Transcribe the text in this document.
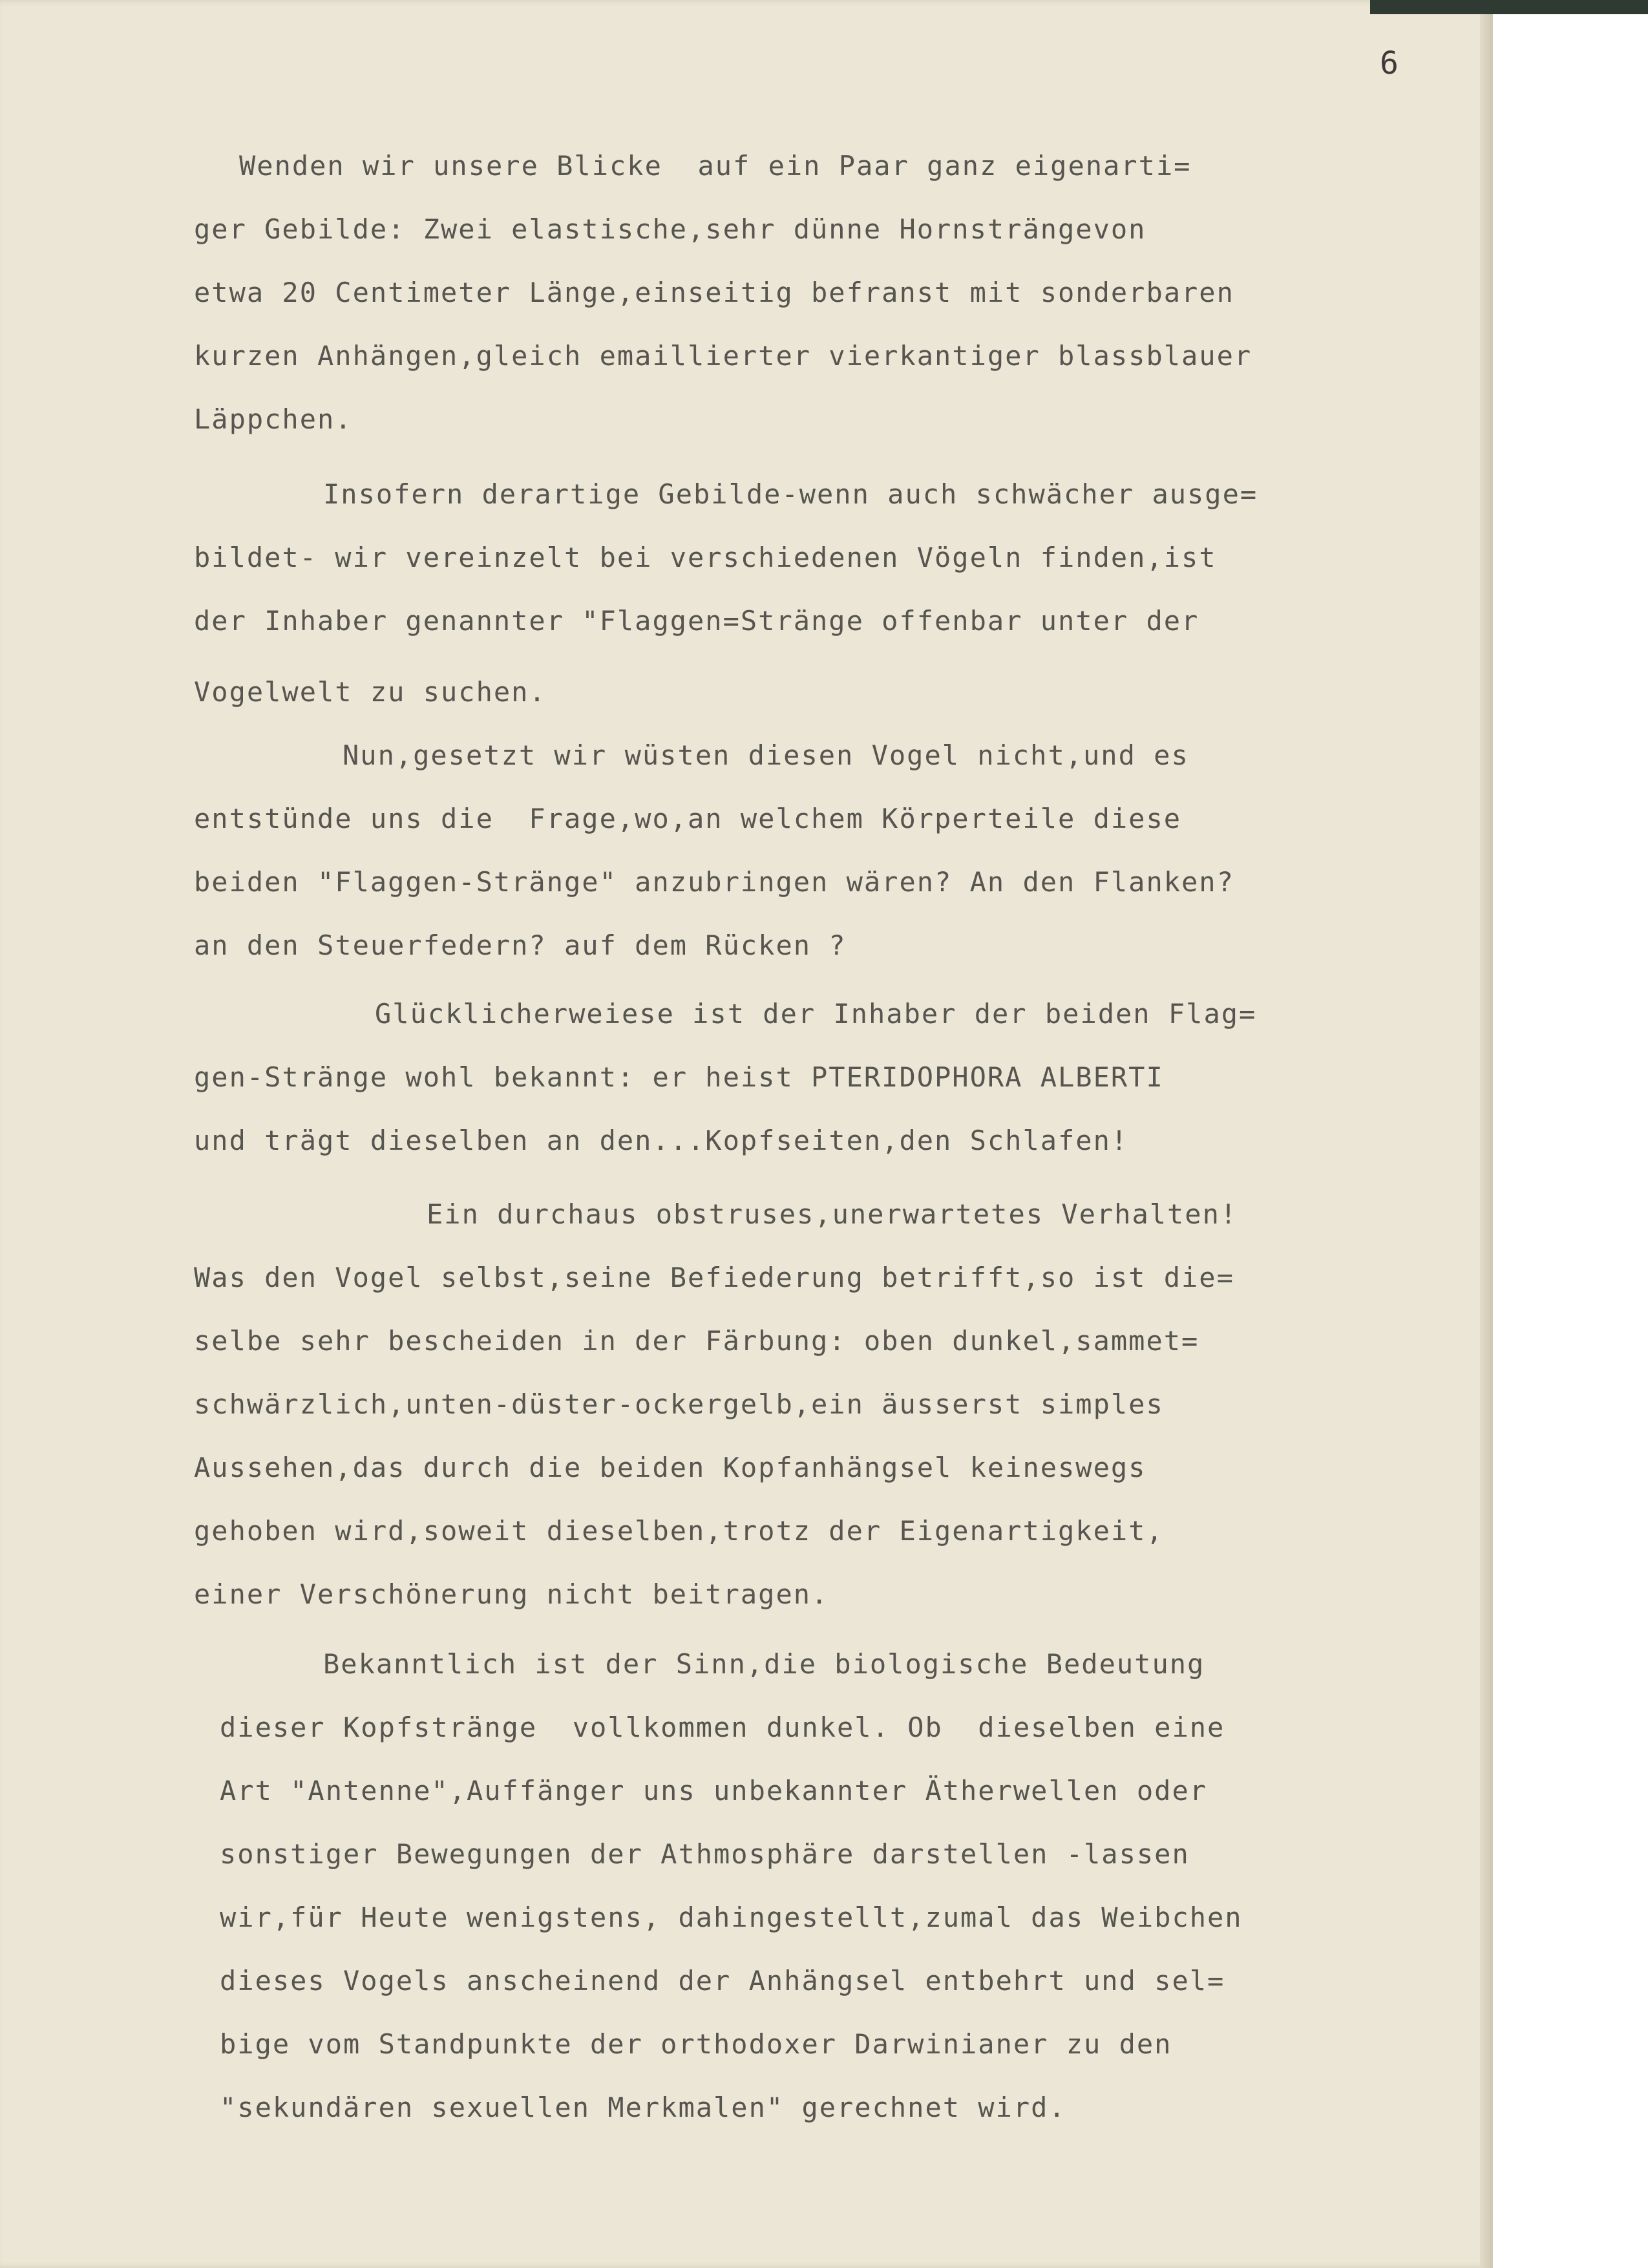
6
Wenden wir unsere Blicke  auf ein Paar ganz eigenarti=
ger Gebilde: Zwei elastische,sehr dünne Hornsträngevon
etwa 20 Centimeter Länge,einseitig befranst mit sonderbaren
kurzen Anhängen,gleich emaillierter vierkantiger blassblauer
Läppchen.
Insofern derartige Gebilde-wenn auch schwächer ausge=
bildet- wir vereinzelt bei verschiedenen Vögeln finden,ist
der Inhaber genannter "Flaggen=Stränge offenbar unter der
Vogelwelt zu suchen.
Nun,gesetzt wir wüsten diesen Vogel nicht,und es
entstünde uns die  Frage,wo,an welchem Körperteile diese
beiden "Flaggen-Stränge" anzubringen wären? An den Flanken?
an den Steuerfedern? auf dem Rücken ?
Glücklicherweiese ist der Inhaber der beiden Flag=
gen-Stränge wohl bekannt: er heist PTERIDOPHORA ALBERTI
und trägt dieselben an den...Kopfseiten,den Schlafen!
Ein durchaus obstruses,unerwartetes Verhalten!
Was den Vogel selbst,seine Befiederung betrifft,so ist die=
selbe sehr bescheiden in der Färbung: oben dunkel,sammet=
schwärzlich,unten-düster-ockergelb,ein äusserst simples
Aussehen,das durch die beiden Kopfanhängsel keineswegs
gehoben wird,soweit dieselben,trotz der Eigenartigkeit,
einer Verschönerung nicht beitragen.
Bekanntlich ist der Sinn,die biologische Bedeutung
dieser Kopfstränge  vollkommen dunkel. Ob  dieselben eine
Art "Antenne",Auffänger uns unbekannter Ätherwellen oder
sonstiger Bewegungen der Athmosphäre darstellen -lassen
wir,für Heute wenigstens, dahingestellt,zumal das Weibchen
dieses Vogels anscheinend der Anhängsel entbehrt und sel=
bige vom Standpunkte der orthodoxer Darwinianer zu den
"sekundären sexuellen Merkmalen" gerechnet wird.
